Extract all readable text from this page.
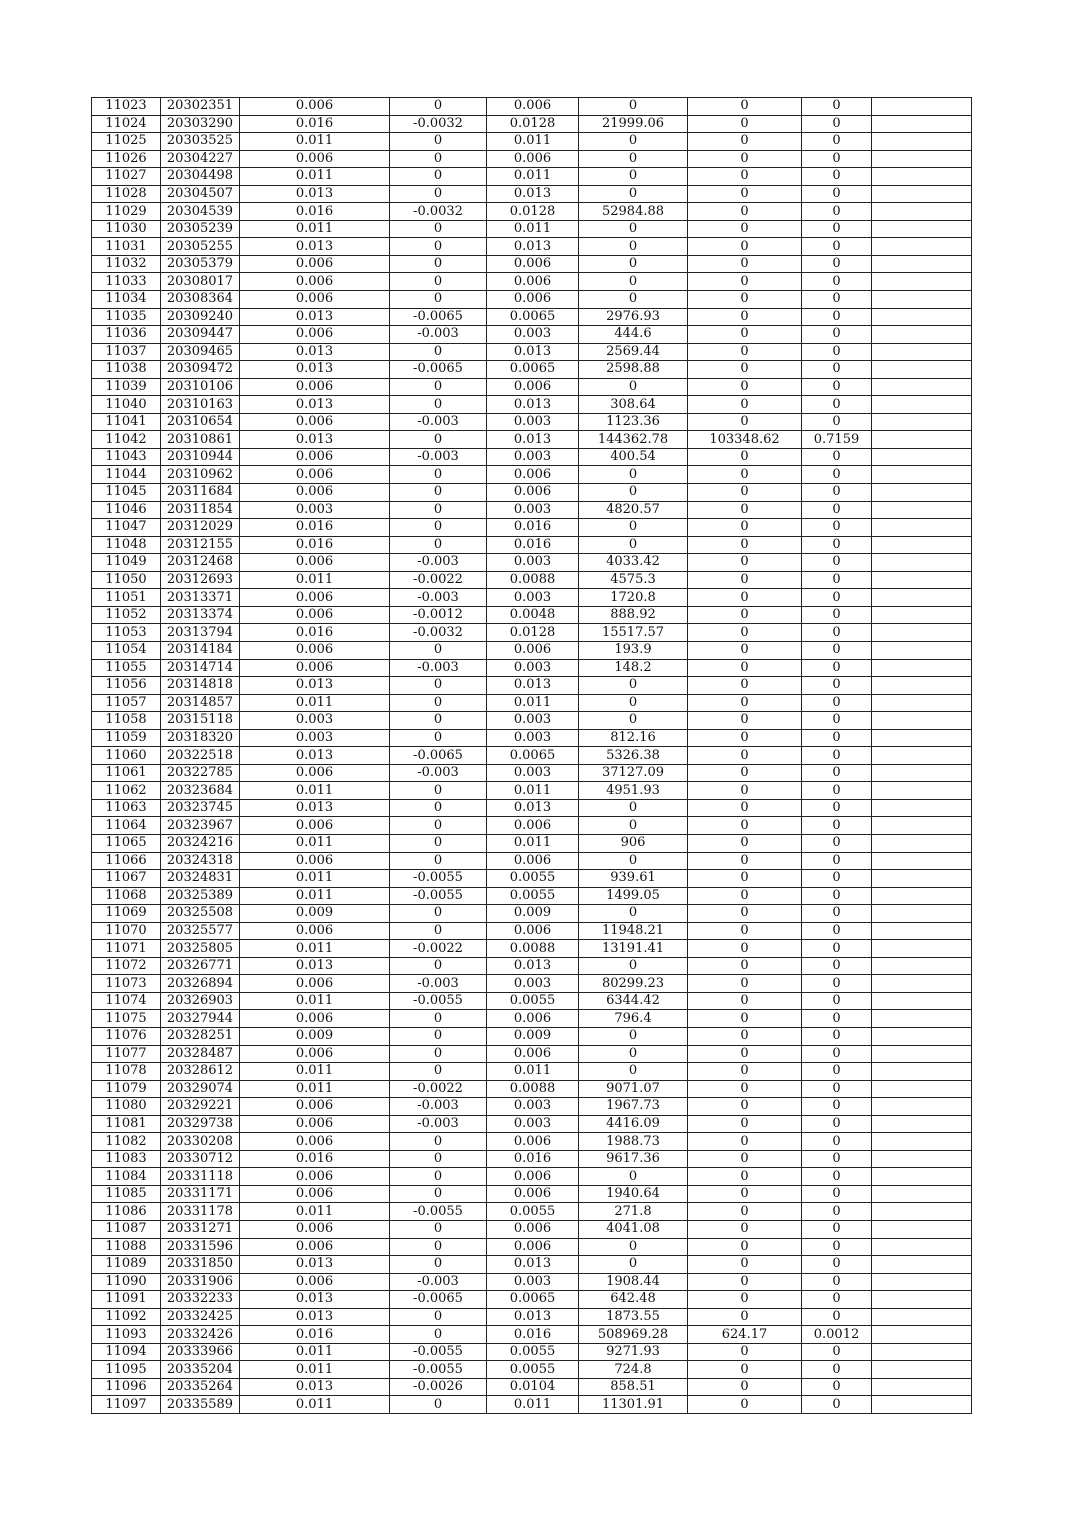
11023	20302351	0.006	0	0.006	0	0	0	
11024	20303290	0.016	-0.0032	0.0128	21999.06	0	0	
11025	20303525	0.011	0	0.011	0	0	0	
11026	20304227	0.006	0	0.006	0	0	0	
11027	20304498	0.011	0	0.011	0	0	0	
11028	20304507	0.013	0	0.013	0	0	0	
11029	20304539	0.016	-0.0032	0.0128	52984.88	0	0	
11030	20305239	0.011	0	0.011	0	0	0	
11031	20305255	0.013	0	0.013	0	0	0	
11032	20305379	0.006	0	0.006	0	0	0	
11033	20308017	0.006	0	0.006	0	0	0	
11034	20308364	0.006	0	0.006	0	0	0	
11035	20309240	0.013	-0.0065	0.0065	2976.93	0	0	
11036	20309447	0.006	-0.003	0.003	444.6	0	0	
11037	20309465	0.013	0	0.013	2569.44	0	0	
11038	20309472	0.013	-0.0065	0.0065	2598.88	0	0	
11039	20310106	0.006	0	0.006	0	0	0	
11040	20310163	0.013	0	0.013	308.64	0	0	
11041	20310654	0.006	-0.003	0.003	1123.36	0	0	
11042	20310861	0.013	0	0.013	144362.78	103348.62	0.7159	
11043	20310944	0.006	-0.003	0.003	400.54	0	0	
11044	20310962	0.006	0	0.006	0	0	0	
11045	20311684	0.006	0	0.006	0	0	0	
11046	20311854	0.003	0	0.003	4820.57	0	0	
11047	20312029	0.016	0	0.016	0	0	0	
11048	20312155	0.016	0	0.016	0	0	0	
11049	20312468	0.006	-0.003	0.003	4033.42	0	0	
11050	20312693	0.011	-0.0022	0.0088	4575.3	0	0	
11051	20313371	0.006	-0.003	0.003	1720.8	0	0	
11052	20313374	0.006	-0.0012	0.0048	888.92	0	0	
11053	20313794	0.016	-0.0032	0.0128	15517.57	0	0	
11054	20314184	0.006	0	0.006	193.9	0	0	
11055	20314714	0.006	-0.003	0.003	148.2	0	0	
11056	20314818	0.013	0	0.013	0	0	0	
11057	20314857	0.011	0	0.011	0	0	0	
11058	20315118	0.003	0	0.003	0	0	0	
11059	20318320	0.003	0	0.003	812.16	0	0	
11060	20322518	0.013	-0.0065	0.0065	5326.38	0	0	
11061	20322785	0.006	-0.003	0.003	37127.09	0	0	
11062	20323684	0.011	0	0.011	4951.93	0	0	
11063	20323745	0.013	0	0.013	0	0	0	
11064	20323967	0.006	0	0.006	0	0	0	
11065	20324216	0.011	0	0.011	906	0	0	
11066	20324318	0.006	0	0.006	0	0	0	
11067	20324831	0.011	-0.0055	0.0055	939.61	0	0	
11068	20325389	0.011	-0.0055	0.0055	1499.05	0	0	
11069	20325508	0.009	0	0.009	0	0	0	
11070	20325577	0.006	0	0.006	11948.21	0	0	
11071	20325805	0.011	-0.0022	0.0088	13191.41	0	0	
11072	20326771	0.013	0	0.013	0	0	0	
11073	20326894	0.006	-0.003	0.003	80299.23	0	0	
11074	20326903	0.011	-0.0055	0.0055	6344.42	0	0	
11075	20327944	0.006	0	0.006	796.4	0	0	
11076	20328251	0.009	0	0.009	0	0	0	
11077	20328487	0.006	0	0.006	0	0	0	
11078	20328612	0.011	0	0.011	0	0	0	
11079	20329074	0.011	-0.0022	0.0088	9071.07	0	0	
11080	20329221	0.006	-0.003	0.003	1967.73	0	0	
11081	20329738	0.006	-0.003	0.003	4416.09	0	0	
11082	20330208	0.006	0	0.006	1988.73	0	0	
11083	20330712	0.016	0	0.016	9617.36	0	0	
11084	20331118	0.006	0	0.006	0	0	0	
11085	20331171	0.006	0	0.006	1940.64	0	0	
11086	20331178	0.011	-0.0055	0.0055	271.8	0	0	
11087	20331271	0.006	0	0.006	4041.08	0	0	
11088	20331596	0.006	0	0.006	0	0	0	
11089	20331850	0.013	0	0.013	0	0	0	
11090	20331906	0.006	-0.003	0.003	1908.44	0	0	
11091	20332233	0.013	-0.0065	0.0065	642.48	0	0	
11092	20332425	0.013	0	0.013	1873.55	0	0	
11093	20332426	0.016	0	0.016	508969.28	624.17	0.0012	
11094	20333966	0.011	-0.0055	0.0055	9271.93	0	0	
11095	20335204	0.011	-0.0055	0.0055	724.8	0	0	
11096	20335264	0.013	-0.0026	0.0104	858.51	0	0	
11097	20335589	0.011	0	0.011	11301.91	0	0	
